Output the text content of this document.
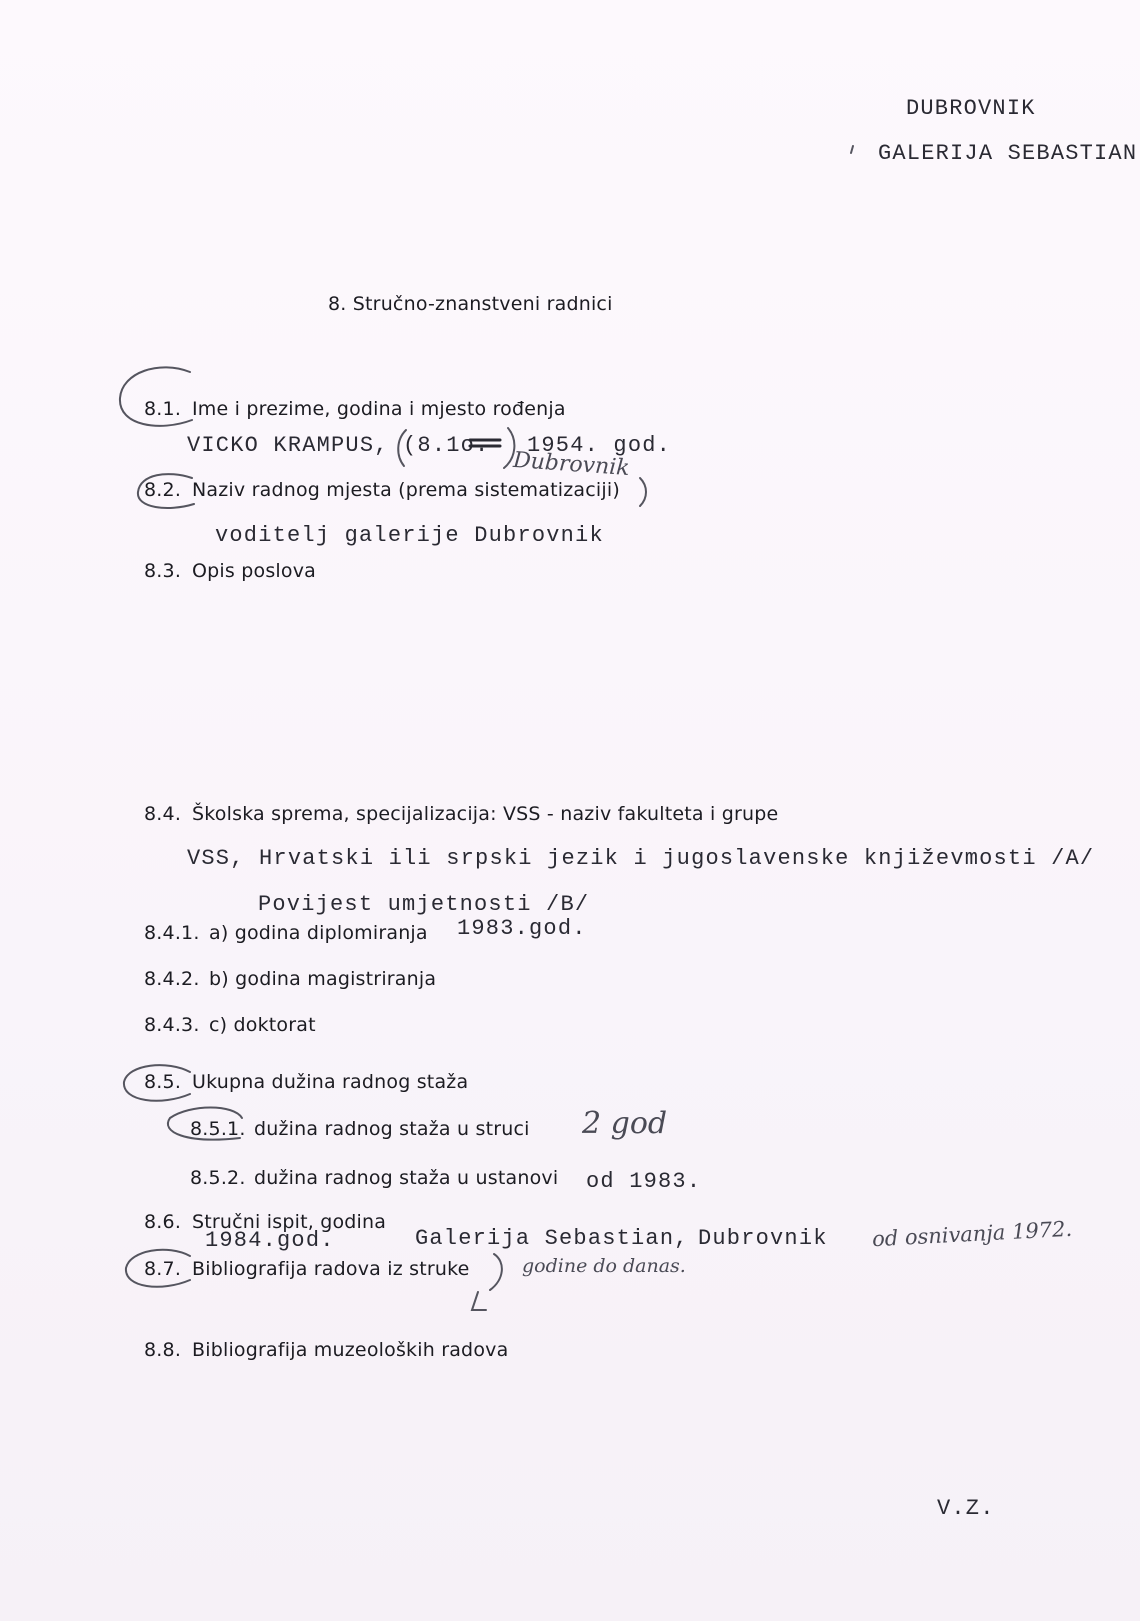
DUBROVNIK
GALERIJA SEBASTIAN
8. Stručno-znanstveni radnici
8.1. Ime i prezime, godina i mjesto rođenja
VICKO KRAMPUS, (8.1o. 1954. god.
Dubrovnik
8.2. Naziv radnog mjesta (prema sistematizaciji)
voditelj galerije Dubrovnik
8.3. Opis poslova
8.4. Školska sprema, specijalizacija: VSS - naziv fakulteta i grupe
VSS, Hrvatski ili srpski jezik i jugoslavenske književmosti /A/
Povijest umjetnosti /B/
8.4.1. a) godina diplomiranja 1983.god.
8.4.2. b) godina magistriranja
8.4.3. c) doktorat
8.5. Ukupna dužina radnog staža
8.5.1. dužina radnog staža u struci 2 god
8.5.2. dužina radnog staža u ustanovi od 1983.
8.6. Stručni ispit, godina
1984.god.
8.7. Bibliografija radova iz struke
Galerija Sebastian, Dubrovnik od osnivanja 1972.
godine do danas.
8.8. Bibliografija muzeoloških radova
V.Z.
